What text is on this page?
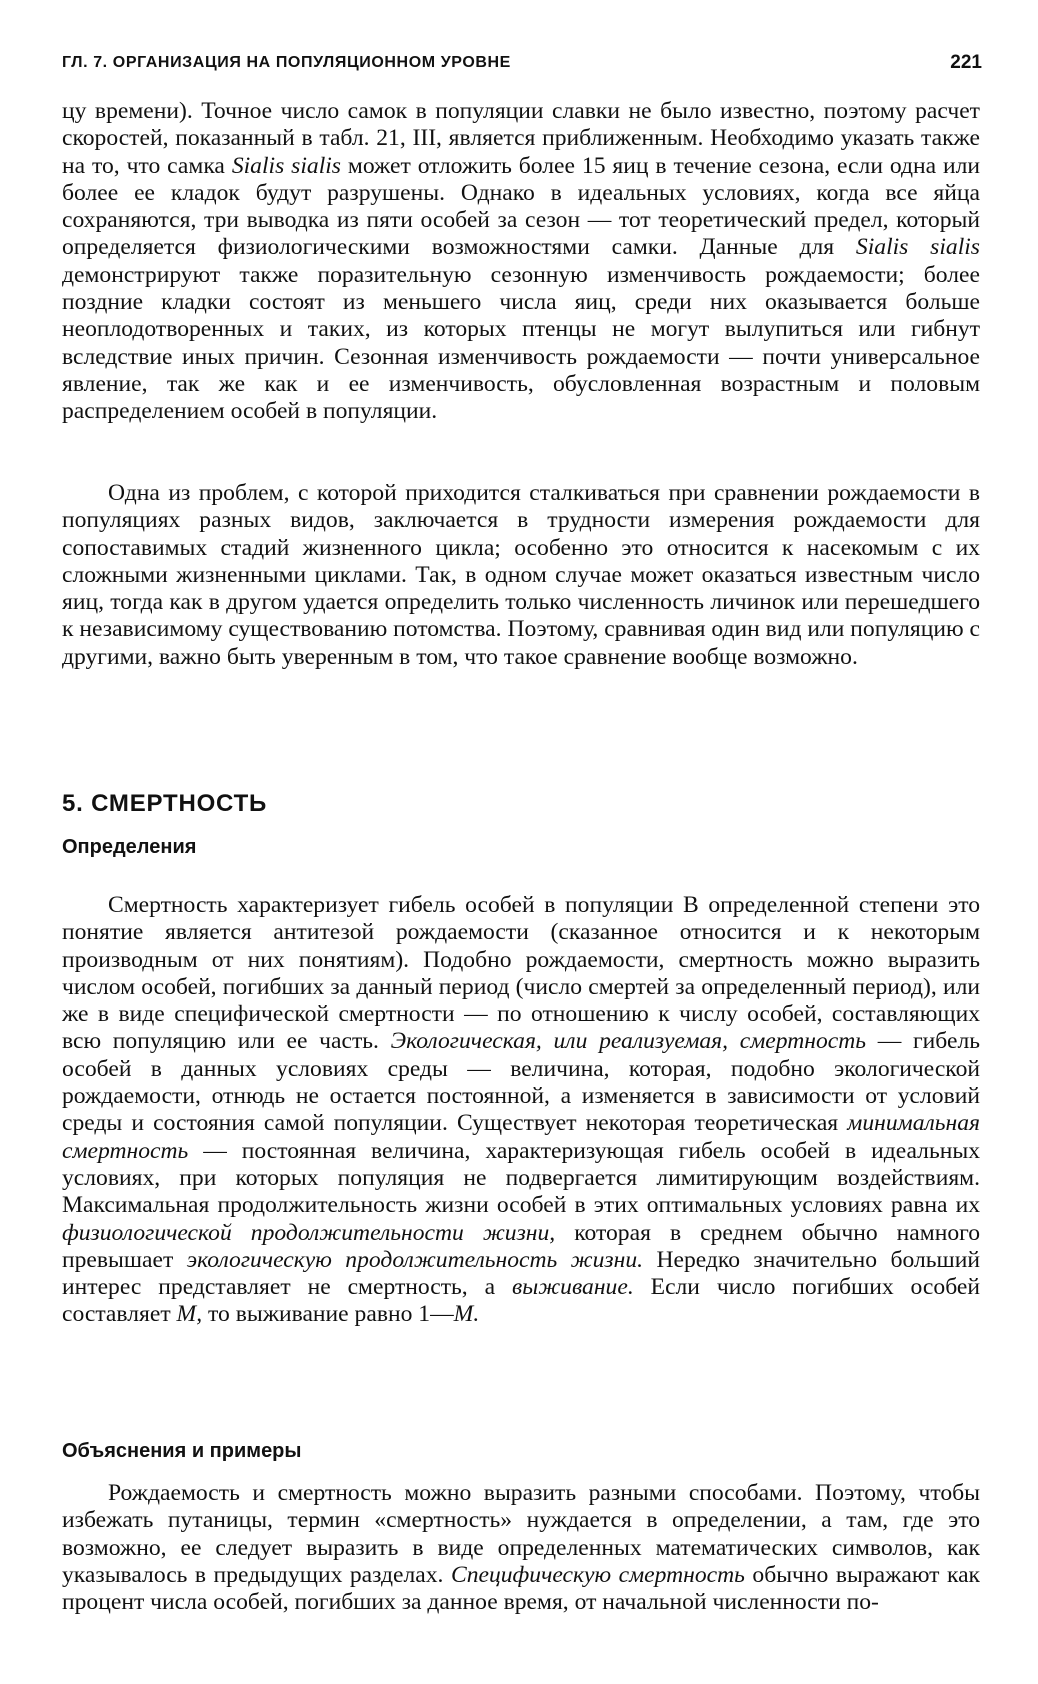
ГЛ. 7. ОРГАНИЗАЦИЯ НА ПОПУЛЯЦИОННОМ УРОВНЕ	221

цу времени). Точное число самок в популяции славки не было известно, поэтому расчет скоростей, показанный в табл. 21, III, является приближенным. Необходимо указать также на то, что самка Sialis sialis может отложить более 15 яиц в течение сезона, если одна или более ее кладок будут разрушены. Однако в идеальных условиях, когда все яйца сохраняются, три выводка из пяти особей за сезон — тот теоретический предел, который определяется физиологическими возможностями самки. Данные для Sialis sialis демонстрируют также поразительную сезонную изменчивость рождаемости; более поздние кладки состоят из меньшего числа яиц, среди них оказывается больше неоплодотворенных и таких, из которых птенцы не могут вылупиться или гибнут вследствие иных причин. Сезонная изменчивость рождаемости — почти универсальное явление, так же как и ее изменчивость, обусловленная возрастным и половым распределением особей в популяции.

Одна из проблем, с которой приходится сталкиваться при сравнении рождаемости в популяциях разных видов, заключается в трудности измерения рождаемости для сопоставимых стадий жизненного цикла; особенно это относится к насекомым с их сложными жизненными циклами. Так, в одном случае может оказаться известным число яиц, тогда как в другом удается определить только численность личинок или перешедшего к независимому существованию потомства. Поэтому, сравнивая один вид или популяцию с другими, важно быть уверенным в том, что такое сравнение вообще возможно.

5. СМЕРТНОСТЬ
Определения

Смертность характеризует гибель особей в популяции В определенной степени это понятие является антитезой рождаемости (сказанное относится и к некоторым производным от них понятиям). Подобно рождаемости, смертность можно выразить числом особей, погибших за данный период (число смертей за определенный период), или же в виде специфической смертности — по отношению к числу особей, составляющих всю популяцию или ее часть. Экологическая, или реализуемая, смертность — гибель особей в данных условиях среды — величина, которая, подобно экологической рождаемости, отнюдь не остается постоянной, а изменяется в зависимости от условий среды и состояния самой популяции. Существует некоторая теоретическая минимальная смертность — постоянная величина, характеризующая гибель особей в идеальных условиях, при которых популяция не подвергается лимитирующим воздействиям. Максимальная продолжительность жизни особей в этих оптимальных условиях равна их физиологической продолжительности жизни, которая в среднем обычно намного превышает экологическую продолжительность жизни. Нередко значительно больший интерес представляет не смертность, а выживание. Если число погибших особей составляет М, то выживание равно 1—М.

Объяснения и примеры

Рождаемость и смертность можно выразить разными способами. Поэтому, чтобы избежать путаницы, термин «смертность» нуждается в определении, а там, где это возможно, ее следует выразить в виде определенных математических символов, как указывалось в предыдущих разделах. Специфическую смертность обычно выражают как процент числа особей, погибших за данное время, от начальной численности по-
